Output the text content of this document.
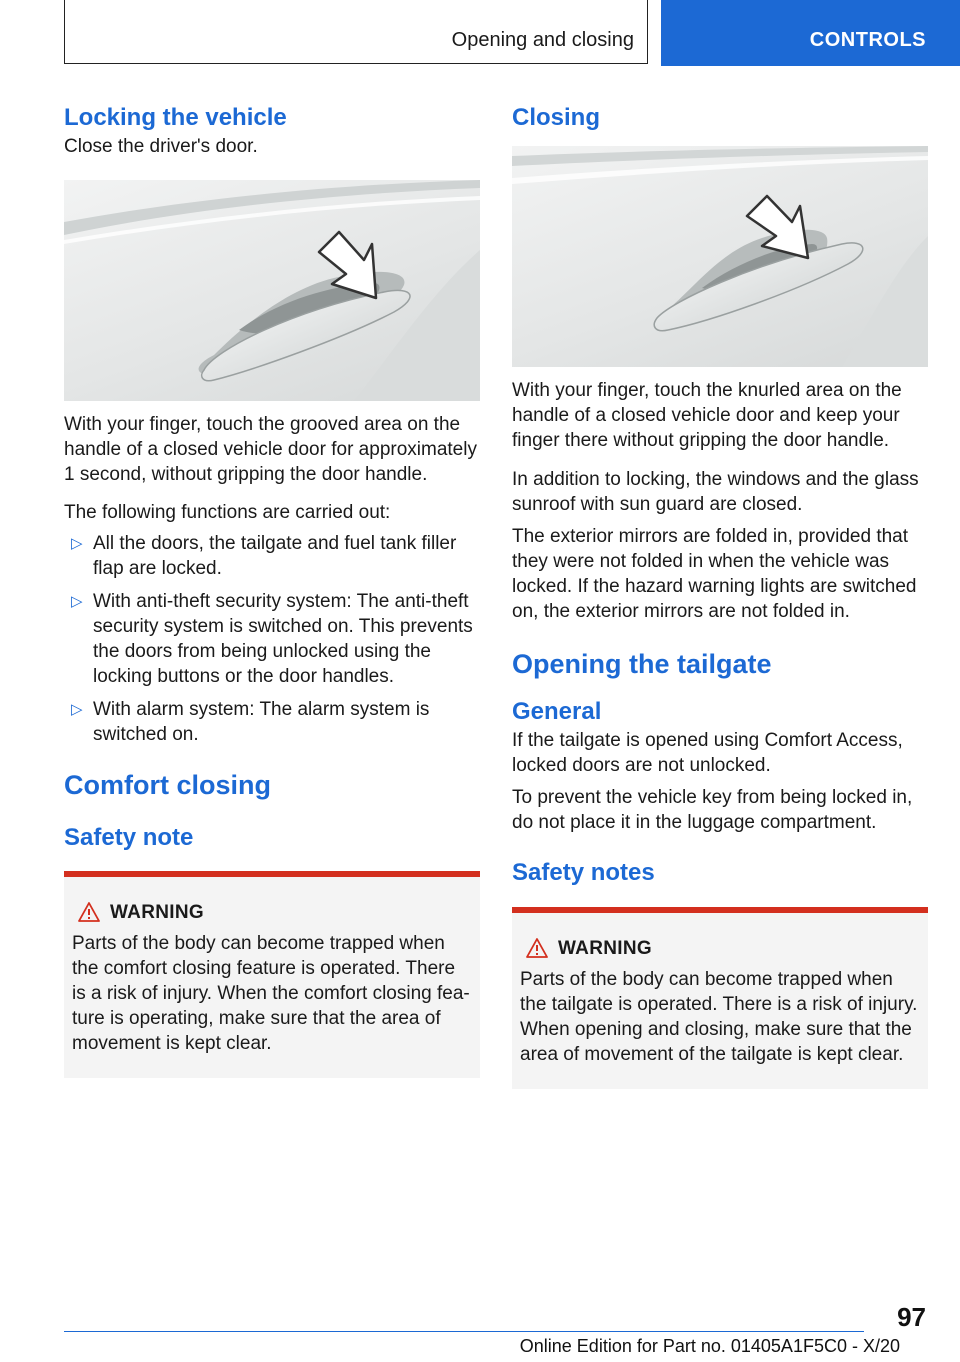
Opening and closing	CONTROLS
Locking the vehicle

Close the driver's door.

With your finger, touch the grooved area on the handle of a closed vehicle door for approximately 1 second, without gripping the door handle.

The following functions are carried out:

▷ All the doors, the tailgate and fuel tank filler flap are locked.
▷ With anti-theft security system: The anti-theft security system is switched on. This prevents the doors from being unlocked using the locking buttons or the door handles.
▷ With alarm system: The alarm system is switched on.
Comfort closing
Safety note
WARNING

Parts of the body can become trapped when the comfort closing feature is operated. There is a risk of injury. When the comfort closing fea-ture is operating, make sure that the area of movement is kept clear.

Closing

With your finger, touch the knurled area on the handle of a closed vehicle door and keep your finger there without gripping the door handle.

In addition to locking, the windows and the glass sunroof with sun guard are closed.

The exterior mirrors are folded in, provided that they were not folded in when the vehicle was locked. If the hazard warning lights are switched on, the exterior mirrors are not folded in.

Opening the tailgate
General

If the tailgate is opened using Comfort Access, locked doors are not unlocked.

To prevent the vehicle key from being locked in, do not place it in the luggage compartment.

Safety notes
WARNING

Parts of the body can become trapped when the tailgate is operated. There is a risk of injury. When opening and closing, make sure that the area of movement of the tailgate is kept clear.

97
Online Edition for Part no. 01405A1F5C0 - X/20
